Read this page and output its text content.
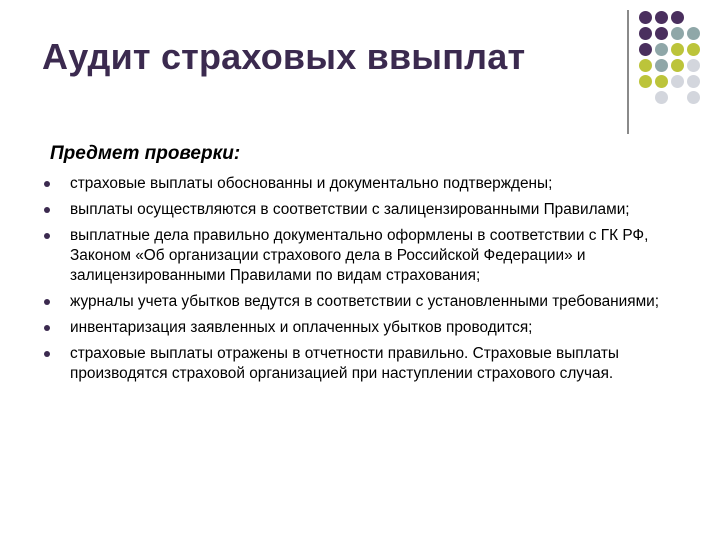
Аудит страховых ввыплат
Предмет проверки:
страховые выплаты обоснованны и документально подтверждены;
выплаты осуществляются в соответствии с залицензированными Правилами;
выплатные дела правильно документально оформлены в соответствии с ГК РФ, Законом «Об организации страхового дела в Российской Федерации» и залицензированными Правилами по видам страхования;
журналы учета убытков ведутся в соответствии с установленными требованиями;
инвентаризация заявленных и оплаченных убытков проводится;
страховые выплаты отражены в отчетности правильно. Страховые выплаты производятся страховой организацией при наступлении страхового случая.
